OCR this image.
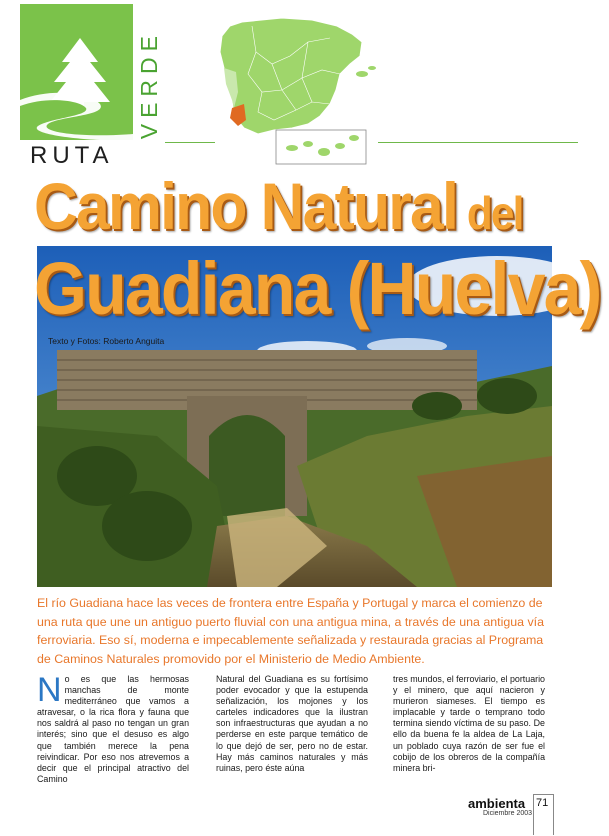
VERDE
RUTA
Camino Natural del
Guadiana (Huelva)
Texto y Fotos: Roberto Anguita

El río Guadiana hace las veces de frontera entre España y Portugal y marca el comienzo de una ruta que une un antiguo puerto fluvial con una antigua mina, a través de una antigua vía ferroviaria. Eso sí, moderna e impecablemente señalizada y restaurada gracias al Programa de Caminos Naturales promovido por el Ministerio de Medio Ambiente.

No es que las hermosas manchas de monte mediterráneo que vamos a atravesar, o la rica flora y fauna que nos saldrá al paso no tengan un gran interés; sino que el desuso es algo que también merece la pena reivindicar. Por eso nos atrevemos a decir que el principal atractivo del Camino

Natural del Guadiana es su fortísimo poder evocador y que la estupenda señalización, los mojones y los carteles indicadores que la ilustran son infraestructuras que ayudan a no perderse en este parque temático de lo que dejó de ser, pero no de estar. Hay más caminos naturales y más ruinas, pero éste aúna

tres mundos, el ferroviario, el portuario y el minero, que aquí nacieron y murieron siameses. El tiempo es implacable y tarde o temprano todo termina siendo víctima de su paso. De ello da buena fe la aldea de La Laja, un poblado cuya razón de ser fue el cobijo de los obreros de la compañía minera bri-

ambienta
Diciembre 2003
71
